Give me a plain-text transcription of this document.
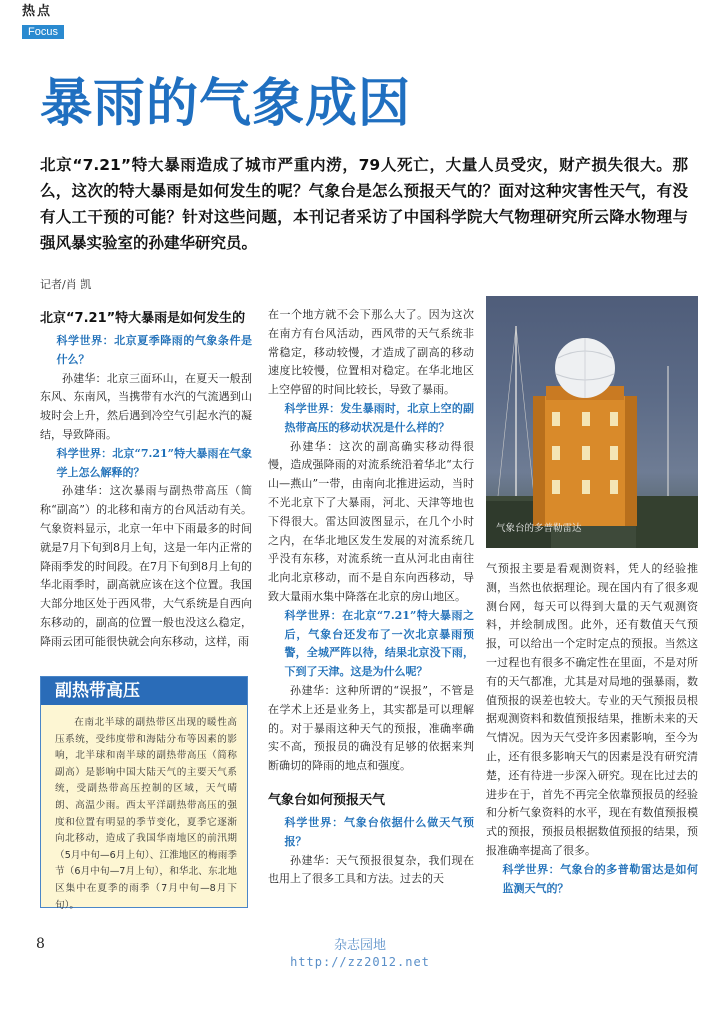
热点
Focus
暴雨的气象成因
北京“7.21”特大暴雨造成了城市严重内涝，79人死亡，大量人员受灾，财产损失很大。那么，这次的特大暴雨是如何发生的呢？气象台是怎么预报天气的？面对这种灾害性天气，有没有人工干预的可能？针对这些问题，本刊记者采访了中国科学院大气物理研究所云降水物理与强风暴实验室的孙建华研究员。
记者/肖 凯
北京“7.21”特大暴雨是如何发生的

科学世界：北京夏季降雨的气象条件是什么？

孙建华：北京三面环山，在夏天一般刮东风、东南风，当携带有水汽的气流遇到山坡时会上升，然后遇到冷空气引起水汽的凝结，导致降雨。

科学世界：北京“7.21”特大暴雨在气象学上怎么解释的？

孙建华：这次暴雨与副热带高压（简称“副高”）的北移和南方的台风活动有关。气象资料显示，北京一年中下雨最多的时间就是7月下旬到8月上旬，这是一年内正常的降雨季发的时间段。在7月下旬到8月上旬的华北雨季时，副高就应该在这个位置。我国大部分地区处于西风带，大气系统是自西向东移动的，副高的位置一般也没这么稳定，降雨云团可能很快就会向东移动，这样，雨

副热带高压
在南北半球的副热带区出现的暖性高压系统，受纬度带和海陆分布等因素的影响，北半球和南半球的副热带高压（简称副高）是影响中国大陆天气的主要天气系统，受副热带高压控制的区域，天气晴朗、高温少雨。西太平洋副热带高压的强度和位置有明显的季节变化，夏季它逐渐向北移动，造成了我国华南地区的前汛期（5月中旬—6月上旬）、江淮地区的梅雨季节（6月中旬—7月上旬），和华北、东北地区集中在夏季的雨季（7月中旬—8月下旬）。

在一个地方就不会下那么大了。因为这次在南方有台风活动，西风带的天气系统非常稳定，移动较慢，才造成了副高的移动速度比较慢，位置相对稳定。在华北地区上空停留的时间比较长，导致了暴雨。

科学世界：发生暴雨时，北京上空的副热带高压的移动状况是什么样的？

孙建华：这次的副高确实移动得很慢，造成强降雨的对流系统沿着华北“太行山—燕山”一带，由南向北推进运动，当时不光北京下了大暴雨，河北、天津等地也下得很大。雷达回波图显示，在几个小时之内，在华北地区发生发展的对流系统几乎没有东移，对流系统一直从河北由南往北向北京移动，而不是自东向西移动，导致大量雨水集中降落在北京的房山地区。

科学世界：在北京“7.21”特大暴雨之后，气象台还发布了一次北京暴雨预警，全城严阵以待，结果北京没下雨，下到了天津。这是为什么呢？

孙建华：这种所谓的“误报”，不管是在学术上还是业务上，其实都是可以理解的。对于暴雨这种天气的预报，准确率确实不高，预报员的确没有足够的依据来判断确切的降雨的地点和强度。

气象台如何预报天气

科学世界：气象台依据什么做天气预报？

孙建华：天气预报很复杂，我们现在也用上了很多工具和方法。过去的天

气象台的多普勒雷达

气预报主要是看观测资料，凭人的经验推测，当然也依据理论。现在国内有了很多观测台网，每天可以得到大量的天气观测资料，并绘制成图。此外，还有数值天气预报，可以给出一个定时定点的预报。当然这一过程也有很多不确定性在里面，不是对所有的天气都准，尤其是对局地的强暴雨，数值预报的误差也较大。专业的天气预报员根据观测资料和数值预报结果，推断未来的天气情况。因为天气受许多因素影响，至今为止，还有很多影响天气的因素是没有研究清楚，还有待进一步深入研究。现在比过去的进步在于，首先不再完全依靠预报员的经验和分析气象资料的水平，现在有数值预报模式的预报，预报员根据数值预报的结果，预报准确率提高了很多。

科学世界：气象台的多普勒雷达是如何监测天气的？

8	杂志园地
http://zz2012.net
